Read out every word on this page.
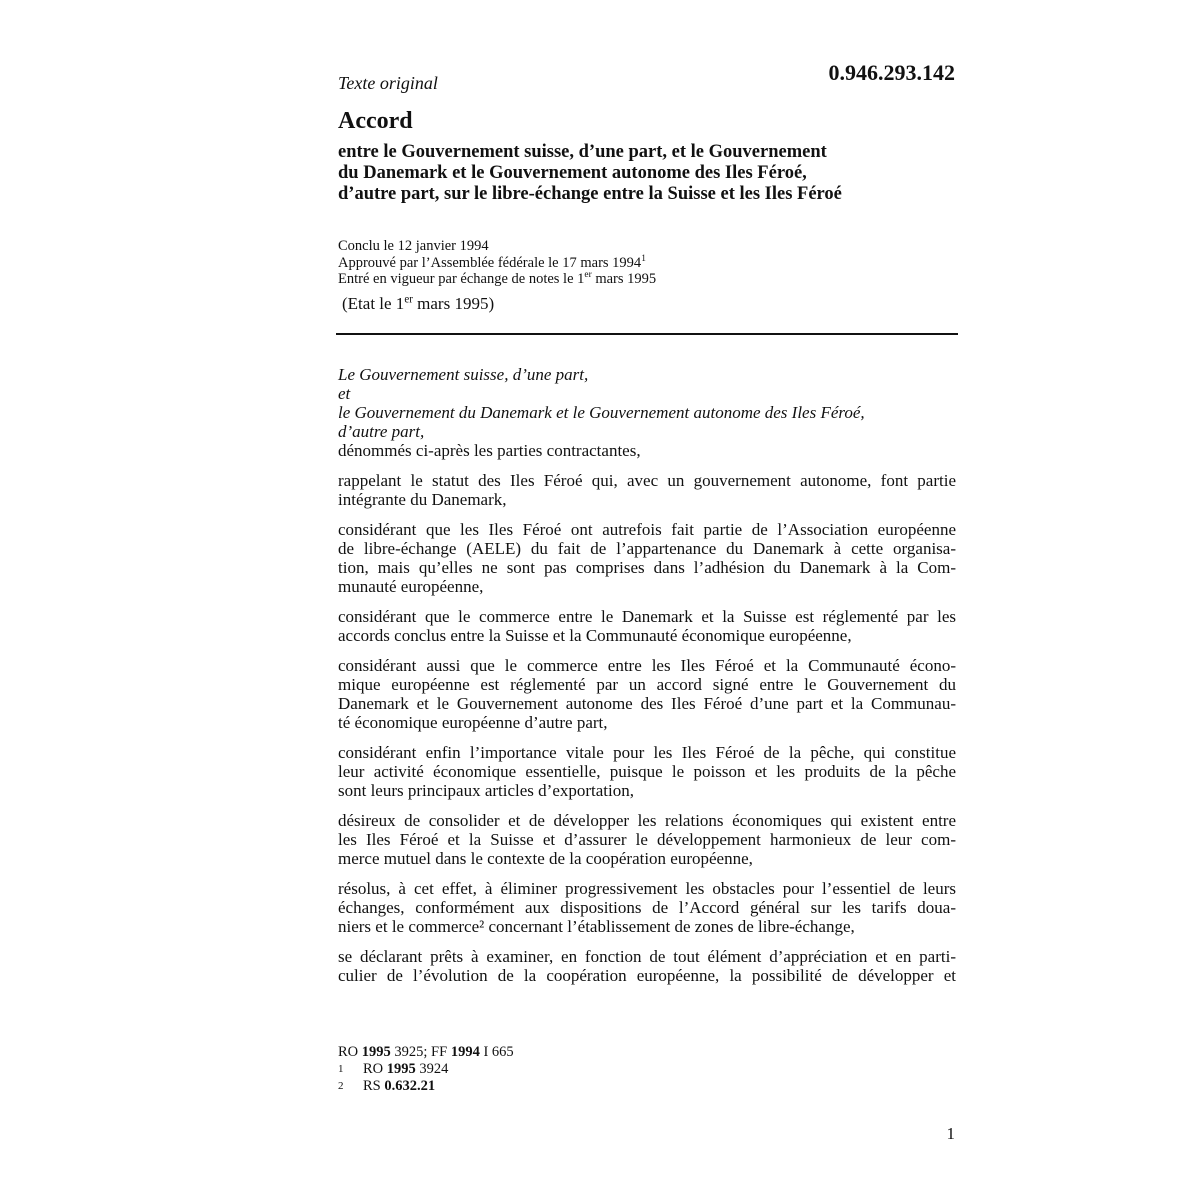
Texte original	0.946.293.142
Accord
entre le Gouvernement suisse, d’une part, et le Gouvernement
du Danemark et le Gouvernement autonome des Iles Féroé,
d’autre part, sur le libre-échange entre la Suisse et les Iles Féroé
Conclu le 12 janvier 1994
Approuvé par l’Assemblée fédérale le 17 mars 1994$^1$
Entré en vigueur par échange de notes le 1er mars 1995
(Etat le 1er mars 1995)
Le Gouvernement suisse, d’une part,
et
le Gouvernement du Danemark et le Gouvernement autonome des Iles Féroé,
d’autre part,
dénommés ci-après les parties contractantes,
rappelant le statut des Iles Féroé qui, avec un gouvernement autonome, font partie
intégrante du Danemark,
considérant que les Iles Féroé ont autrefois fait partie de l’Association européenne
de libre-échange (AELE) du fait de l’appartenance du Danemark à cette organisa-
tion, mais qu’elles ne sont pas comprises dans l’adhésion du Danemark à la Com-
munauté européenne,
considérant que le commerce entre le Danemark et la Suisse est réglementé par les
accords conclus entre la Suisse et la Communauté économique européenne,
considérant aussi que le commerce entre les Iles Féroé et la Communauté écono-
mique européenne est réglementé par un accord signé entre le Gouvernement du
Danemark et le Gouvernement autonome des Iles Féroé d’une part et la Communau-
té économique européenne d’autre part,
considérant enfin l’importance vitale pour les Iles Féroé de la pêche, qui constitue
leur activité économique essentielle, puisque le poisson et les produits de la pêche
sont leurs principaux articles d’exportation,
désireux de consolider et de développer les relations économiques qui existent entre
les Iles Féroé et la Suisse et d’assurer le développement harmonieux de leur com-
merce mutuel dans le contexte de la coopération européenne,
résolus, à cet effet, à éliminer progressivement les obstacles pour l’essentiel de leurs
échanges, conformément aux dispositions de l’Accord général sur les tarifs doua-
niers et le commerce² concernant l’établissement de zones de libre-échange,
se déclarant prêts à examiner, en fonction de tout élément d’appréciation et en parti-
culier de l’évolution de la coopération européenne, la possibilité de développer et
RO 1995 3925; FF 1994 I 665
1 RO 1995 3924
2 RS 0.632.21
1
